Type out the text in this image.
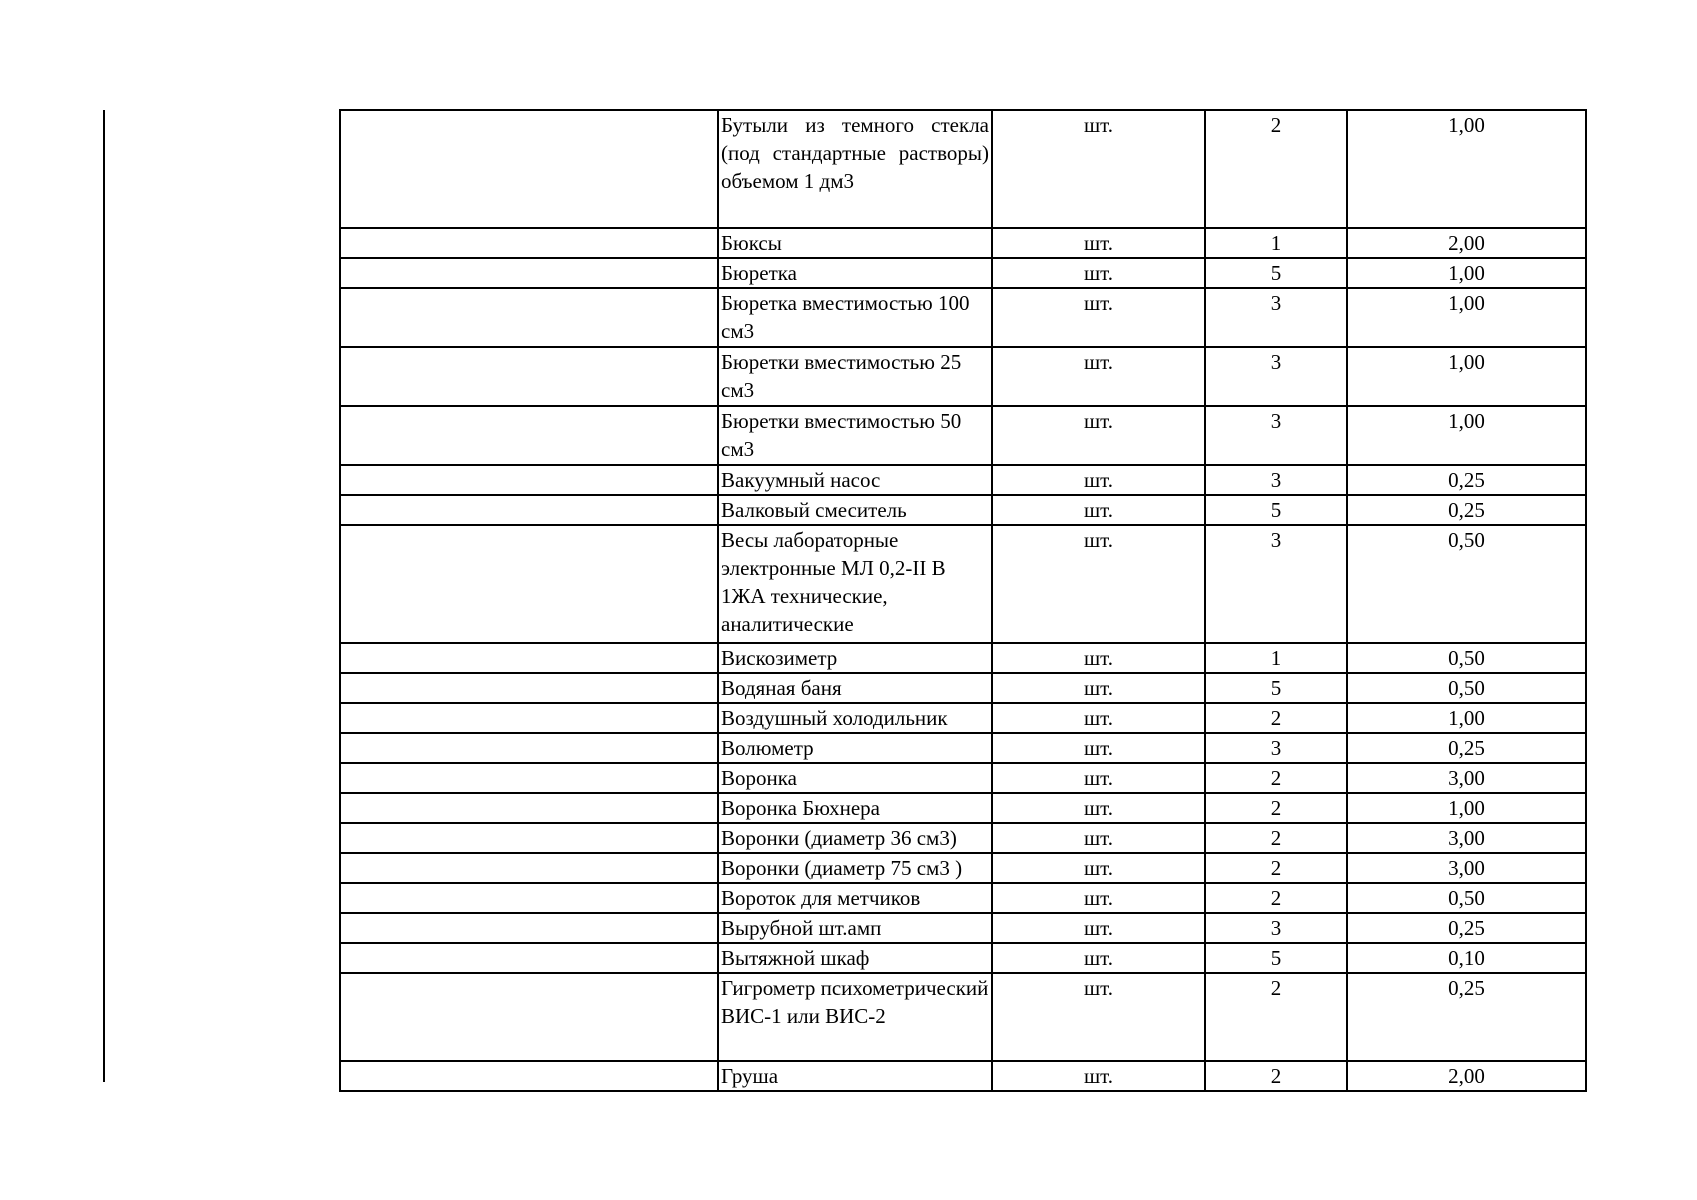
	Бутыли из темного стекла (под стандартные растворы) объемом 1 дм3	шт.	2	1,00
	Бюксы	шт.	1	2,00
	Бюретка	шт.	5	1,00
	Бюретка вместимостью 100 см3	шт.	3	1,00
	Бюретки вместимостью 25 см3	шт.	3	1,00
	Бюретки вместимостью 50 см3	шт.	3	1,00
	Вакуумный насос	шт.	3	0,25
	Валковый смеситель	шт.	5	0,25
	Весы лабораторные электронные МЛ 0,2-II В 1ЖА технические, аналитические	шт.	3	0,50
	Вискозиметр	шт.	1	0,50
	Водяная баня	шт.	5	0,50
	Воздушный холодильник	шт.	2	1,00
	Волюметр	шт.	3	0,25
	Воронка	шт.	2	3,00
	Воронка Бюхнера	шт.	2	1,00
	Воронки (диаметр 36 см3)	шт.	2	3,00
	Воронки (диаметр 75 см3 )	шт.	2	3,00
	Вороток для метчиков	шт.	2	0,50
	Вырубной шт.амп	шт.	3	0,25
	Вытяжной шкаф	шт.	5	0,10
	Гигрометр психометрический ВИС-1 или ВИС-2	шт.	2	0,25
	Груша	шт.	2	2,00
